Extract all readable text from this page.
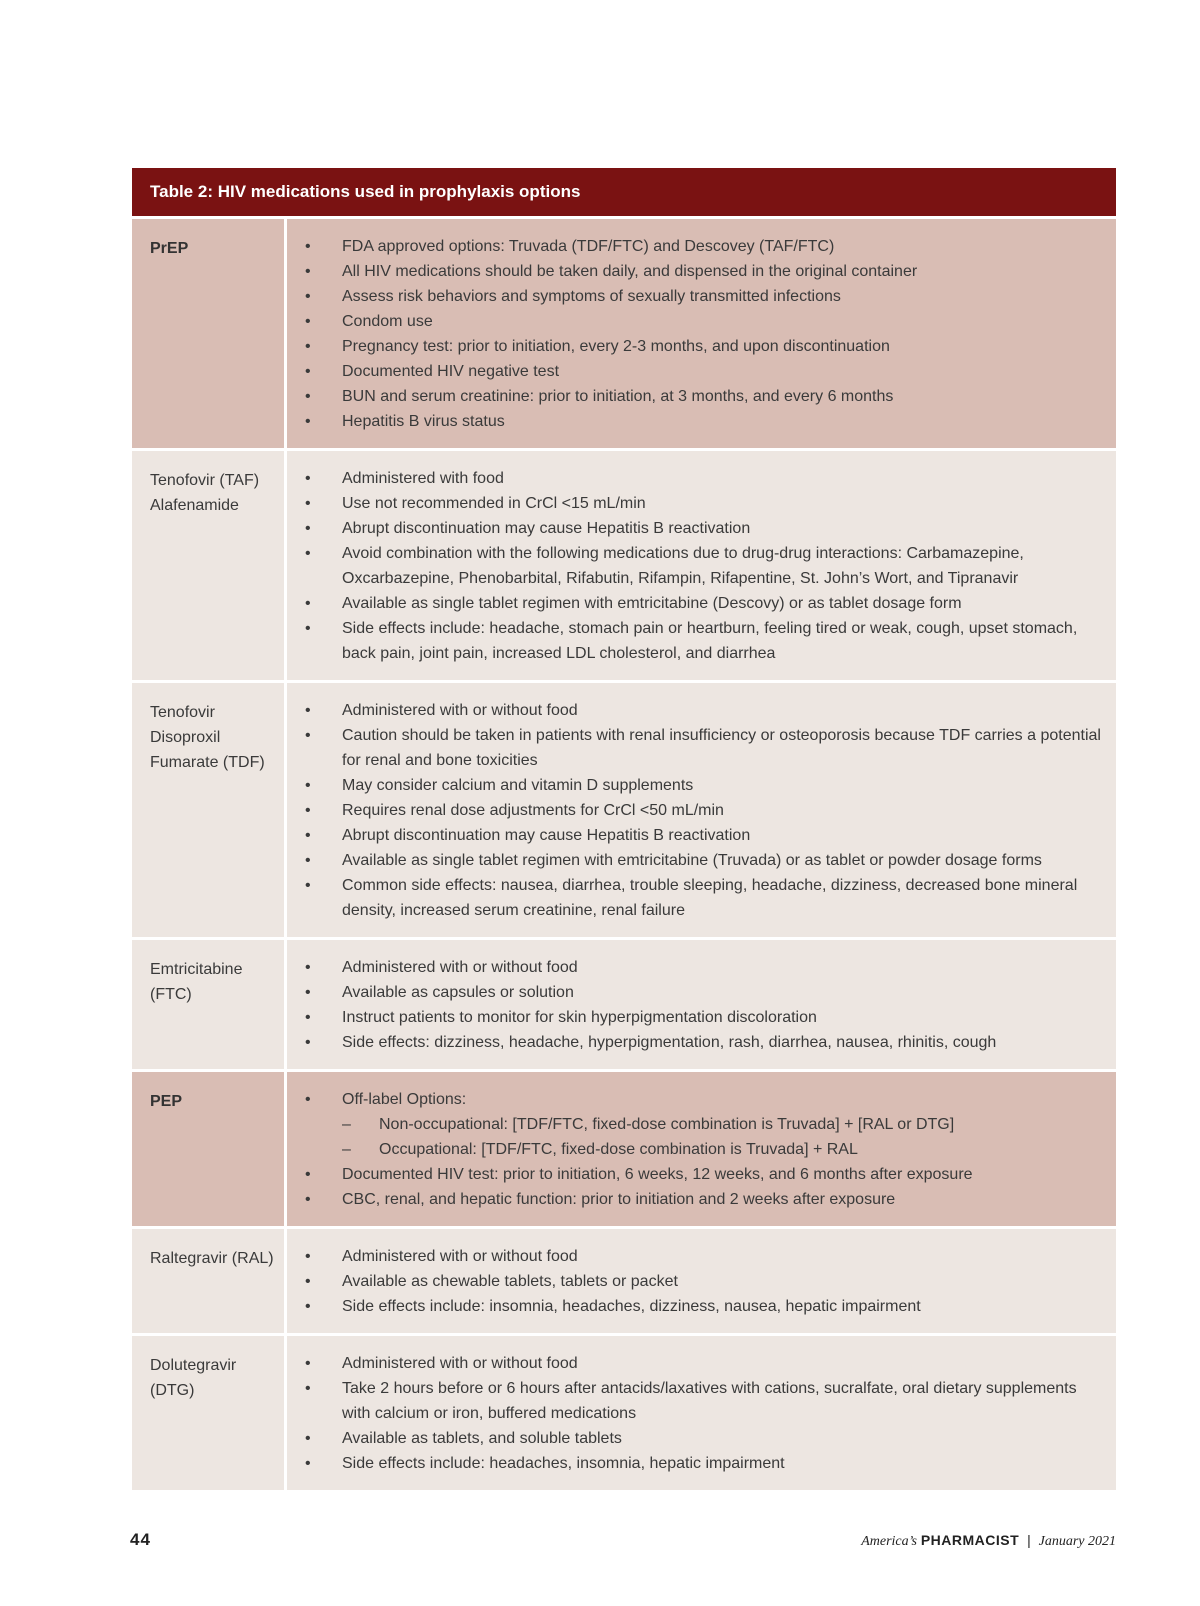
Table 2: HIV medications used in prophylaxis options
PrEP	•	FDA approved options: Truvada (TDF/FTC) and Descovey (TAF/FTC)
•	All HIV medications should be taken daily, and dispensed in the original container
•	Assess risk behaviors and symptoms of sexually transmitted infections
•	Condom use
•	Pregnancy test: prior to initiation, every 2-3 months, and upon discontinuation
•	Documented HIV negative test
•	BUN and serum creatinine: prior to initiation, at 3 months, and every 6 months
•	Hepatitis B virus status
Tenofovir (TAF) Alafenamide
•	Administered with food
•	Use not recommended in CrCl <15 mL/min
•	Abrupt discontinuation may cause Hepatitis B reactivation
•	Avoid combination with the following medications due to drug-drug interactions: Carbamazepine, Oxcarbazepine, Phenobarbital, Rifabutin, Rifampin, Rifapentine, St. John’s Wort, and Tipranavir
•	Available as single tablet regimen with emtricitabine (Descovy) or as tablet dosage form
•	Side effects include: headache, stomach pain or heartburn, feeling tired or weak, cough, upset stomach, back pain, joint pain, increased LDL cholesterol, and diarrhea
Tenofovir Disoproxil Fumarate (TDF)
•	Administered with or without food
•	Caution should be taken in patients with renal insufficiency or osteoporosis because TDF carries a potential for renal and bone toxicities
•	May consider calcium and vitamin D supplements
•	Requires renal dose adjustments for CrCl <50 mL/min
•	Abrupt discontinuation may cause Hepatitis B reactivation
•	Available as single tablet regimen with emtricitabine (Truvada) or as tablet or powder dosage forms
•	Common side effects: nausea, diarrhea, trouble sleeping, headache, dizziness, decreased bone mineral density, increased serum creatinine, renal failure
Emtricitabine (FTC)
•	Administered with or without food
•	Available as capsules or solution
•	Instruct patients to monitor for skin hyperpigmentation discoloration
•	Side effects: dizziness, headache, hyperpigmentation, rash, diarrhea, nausea, rhinitis, cough
PEP	•	Off-label Options:
–	Non-occupational: [TDF/FTC, fixed-dose combination is Truvada] + [RAL or DTG]
–	Occupational: [TDF/FTC, fixed-dose combination is Truvada] + RAL
•	Documented HIV test: prior to initiation, 6 weeks, 12 weeks, and 6 months after exposure
•	CBC, renal, and hepatic function: prior to initiation and 2 weeks after exposure
Raltegravir (RAL)	•	Administered with or without food
•	Available as chewable tablets, tablets or packet
•	Side effects include: insomnia, headaches, dizziness, nausea, hepatic impairment
Dolutegravir (DTG)
•	Administered with or without food
•	Take 2 hours before or 6 hours after antacids/laxatives with cations, sucralfate, oral dietary supplements with calcium or iron, buffered medications
•	Available as tablets, and soluble tablets
•	Side effects include: headaches, insomnia, hepatic impairment
44	America’s PHARMACIST | January 2021
